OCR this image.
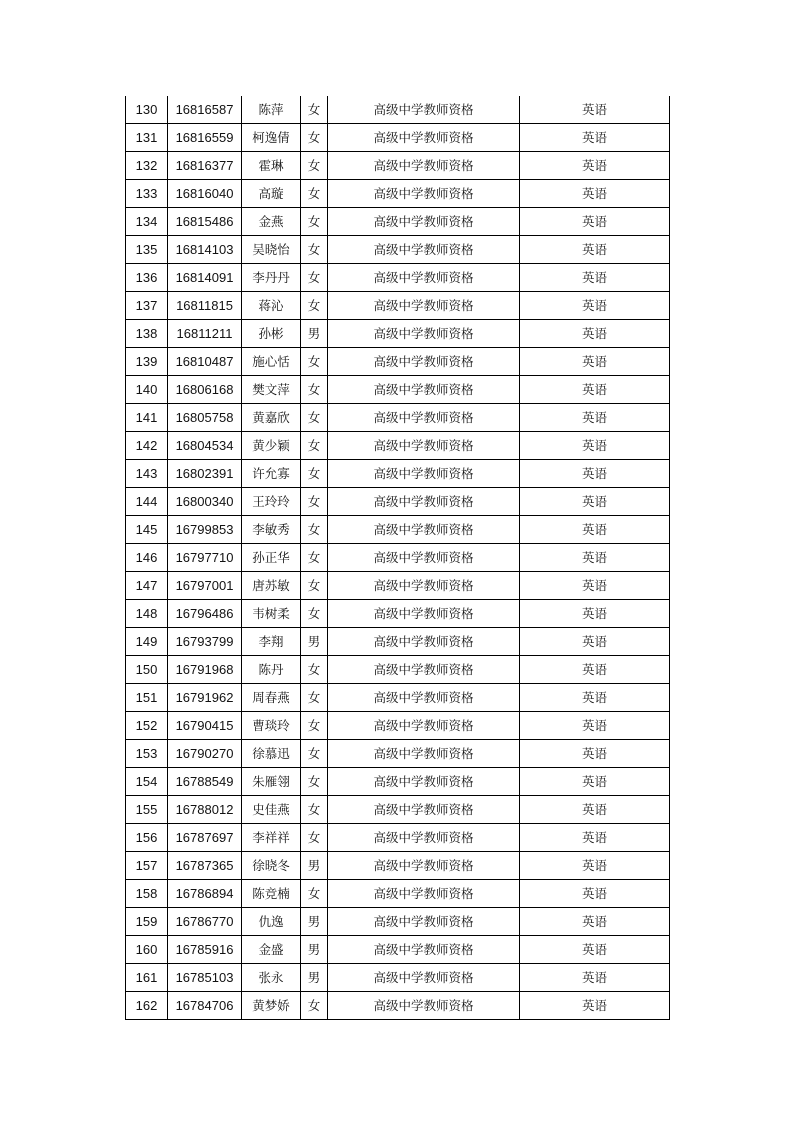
130	16816587	陈萍	女	高级中学教师资格	英语
131	16816559	柯逸倩	女	高级中学教师资格	英语
132	16816377	霍琳	女	高级中学教师资格	英语
133	16816040	高璇	女	高级中学教师资格	英语
134	16815486	金燕	女	高级中学教师资格	英语
135	16814103	吴晓怡	女	高级中学教师资格	英语
136	16814091	李丹丹	女	高级中学教师资格	英语
137	16811815	蒋沁	女	高级中学教师资格	英语
138	16811211	孙彬	男	高级中学教师资格	英语
139	16810487	施心恬	女	高级中学教师资格	英语
140	16806168	樊文萍	女	高级中学教师资格	英语
141	16805758	黄嘉欣	女	高级中学教师资格	英语
142	16804534	黄少颖	女	高级中学教师资格	英语
143	16802391	许允寡	女	高级中学教师资格	英语
144	16800340	王玲玲	女	高级中学教师资格	英语
145	16799853	李敏秀	女	高级中学教师资格	英语
146	16797710	孙正华	女	高级中学教师资格	英语
147	16797001	唐苏敏	女	高级中学教师资格	英语
148	16796486	韦树柔	女	高级中学教师资格	英语
149	16793799	李翔	男	高级中学教师资格	英语
150	16791968	陈丹	女	高级中学教师资格	英语
151	16791962	周春燕	女	高级中学教师资格	英语
152	16790415	曹琰玲	女	高级中学教师资格	英语
153	16790270	徐慕迅	女	高级中学教师资格	英语
154	16788549	朱雁翎	女	高级中学教师资格	英语
155	16788012	史佳燕	女	高级中学教师资格	英语
156	16787697	李祥祥	女	高级中学教师资格	英语
157	16787365	徐晓冬	男	高级中学教师资格	英语
158	16786894	陈竞楠	女	高级中学教师资格	英语
159	16786770	仇逸	男	高级中学教师资格	英语
160	16785916	金盛	男	高级中学教师资格	英语
161	16785103	张永	男	高级中学教师资格	英语
162	16784706	黄梦娇	女	高级中学教师资格	英语
